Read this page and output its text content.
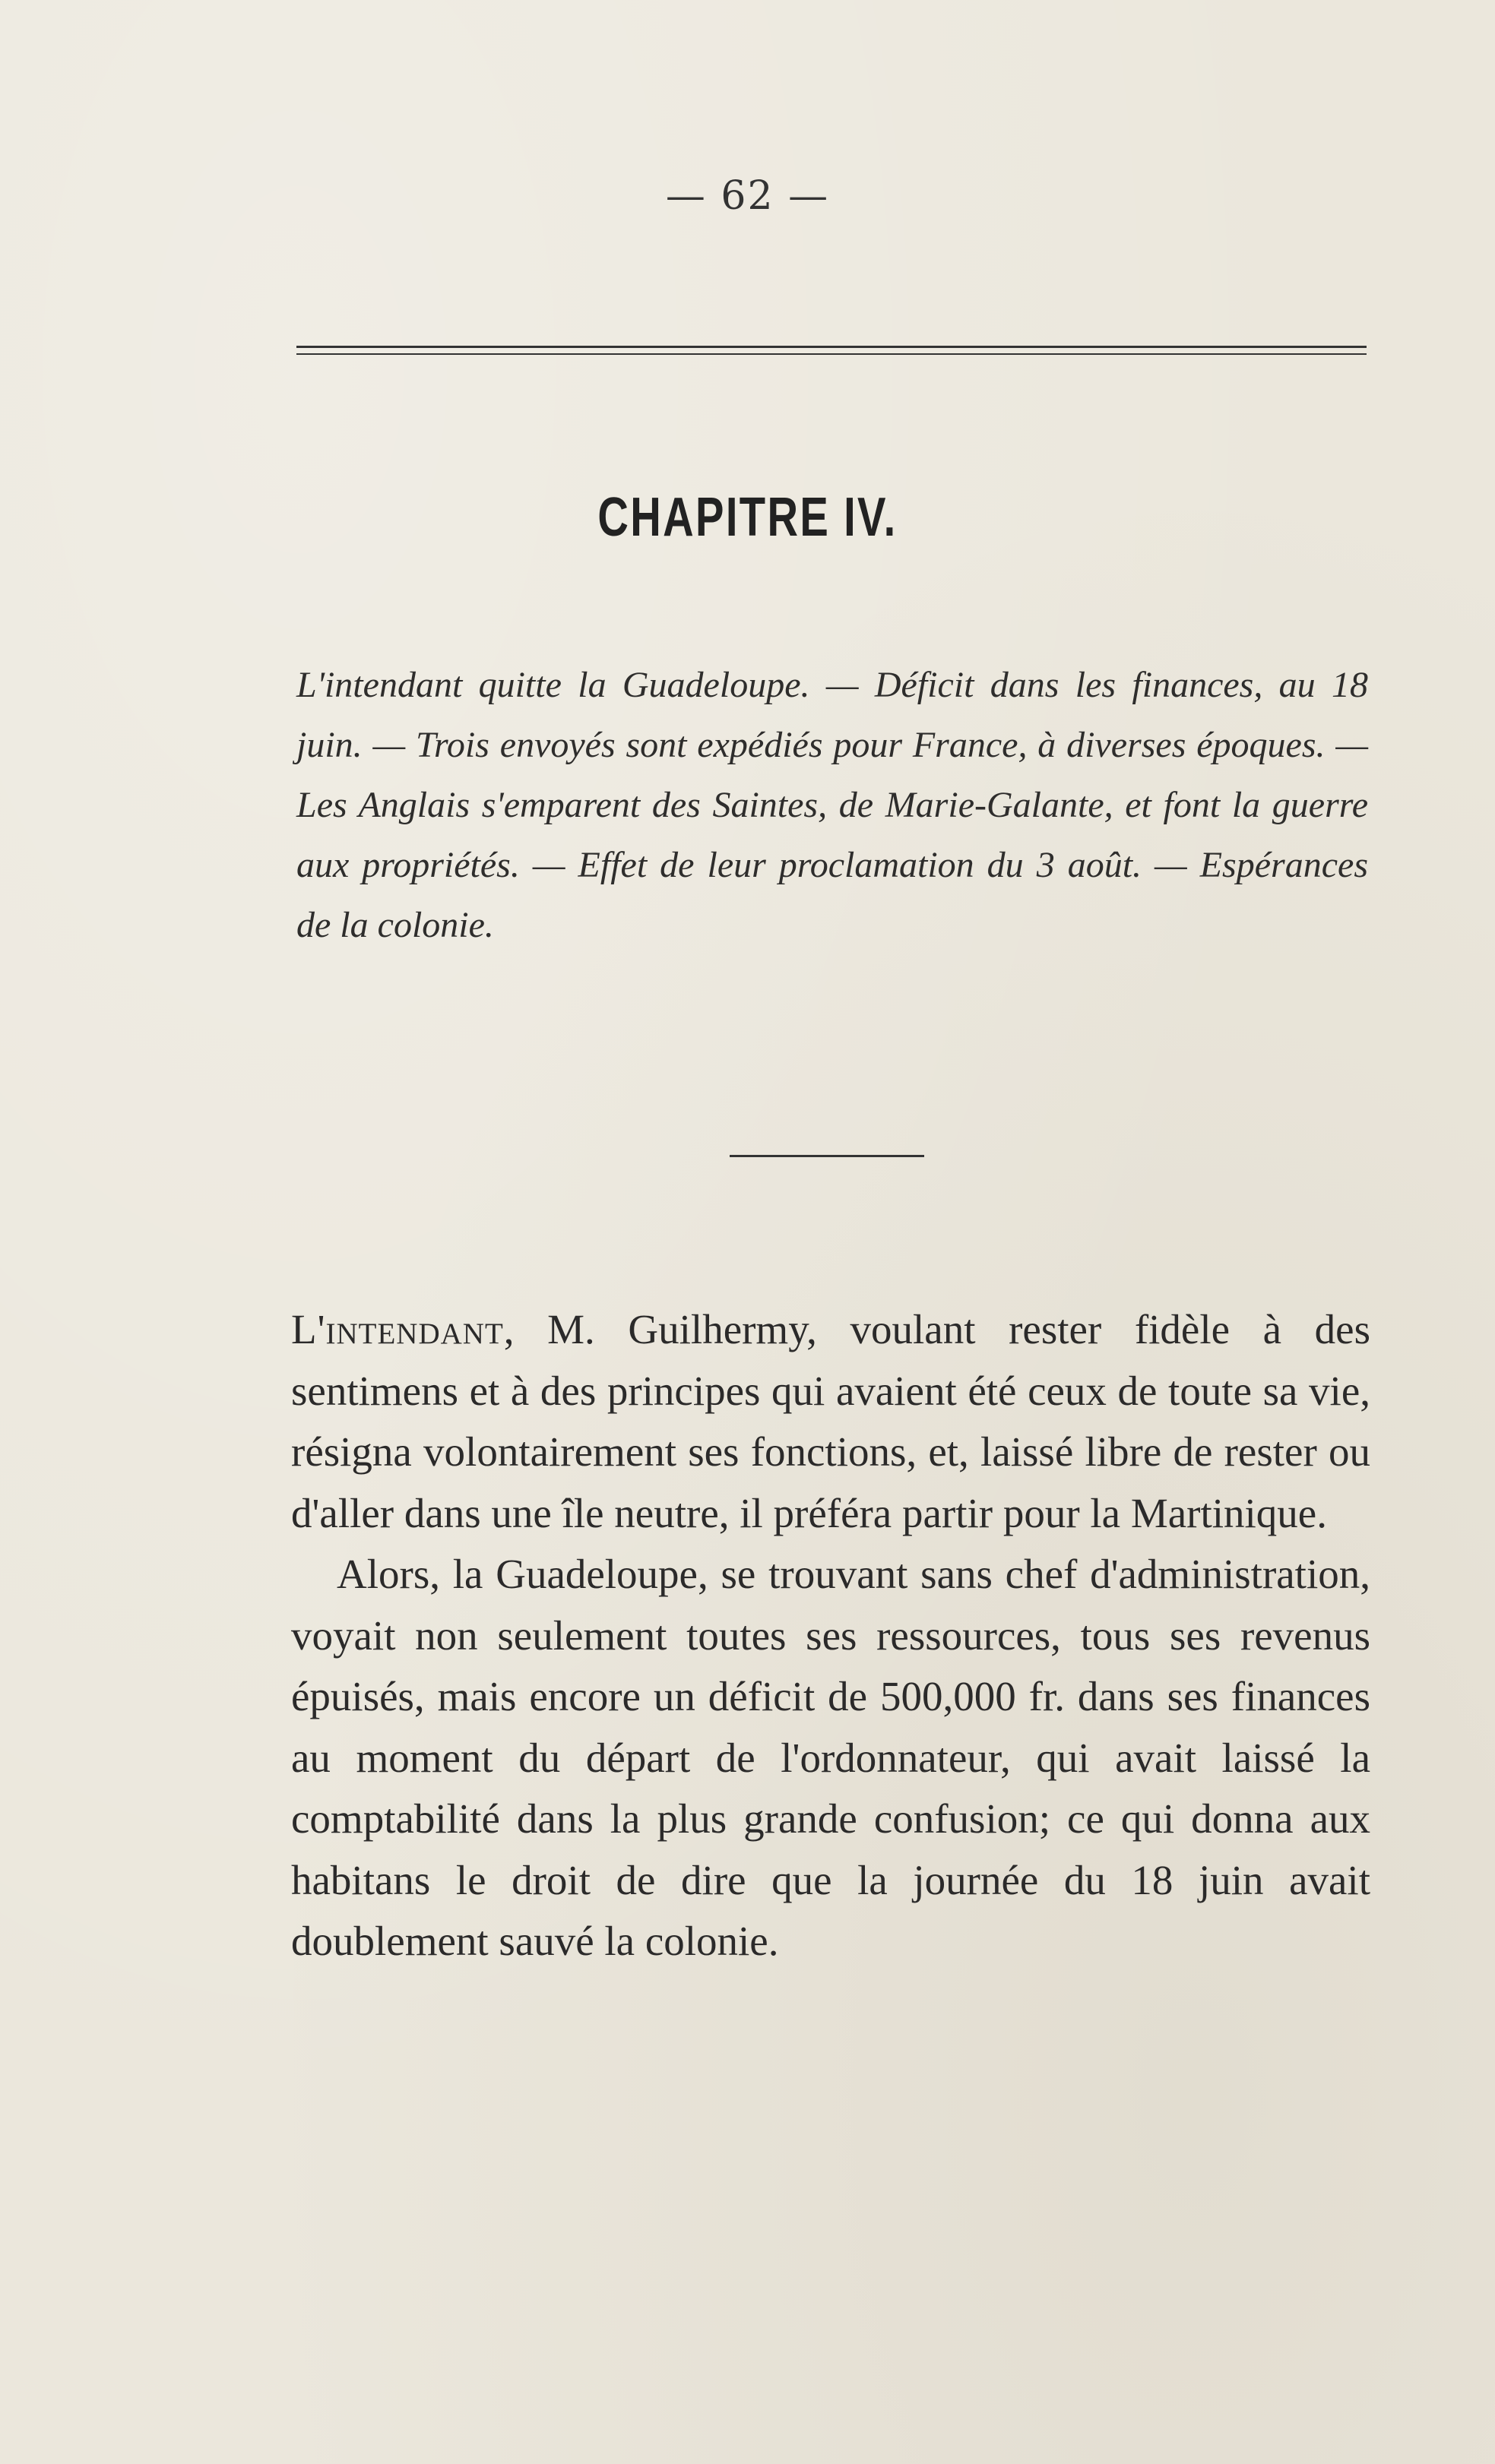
— 62 —
CHAPITRE IV.
L'intendant quitte la Guadeloupe. — Déficit dans les finances, au 18 juin. — Trois envoyés sont expédiés pour France, à diverses époques. — Les Anglais s'emparent des Saintes, de Marie-Galante, et font la guerre aux propriétés. — Effet de leur proclamation du 3 août. — Espérances de la colonie.

L'intendant, M. Guilhermy, voulant rester fidèle à des sentimens et à des principes qui avaient été ceux de toute sa vie, résigna volontairement ses fonctions, et, laissé libre de rester ou d'aller dans une île neutre, il préféra partir pour la Martinique.

Alors, la Guadeloupe, se trouvant sans chef d'administration, voyait non seulement toutes ses ressources, tous ses revenus épuisés, mais encore un déficit de 500,000 fr. dans ses finances au moment du départ de l'ordonnateur, qui avait laissé la comptabilité dans la plus grande confusion; ce qui donna aux habitans le droit de dire que la journée du 18 juin avait doublement sauvé la colonie.
